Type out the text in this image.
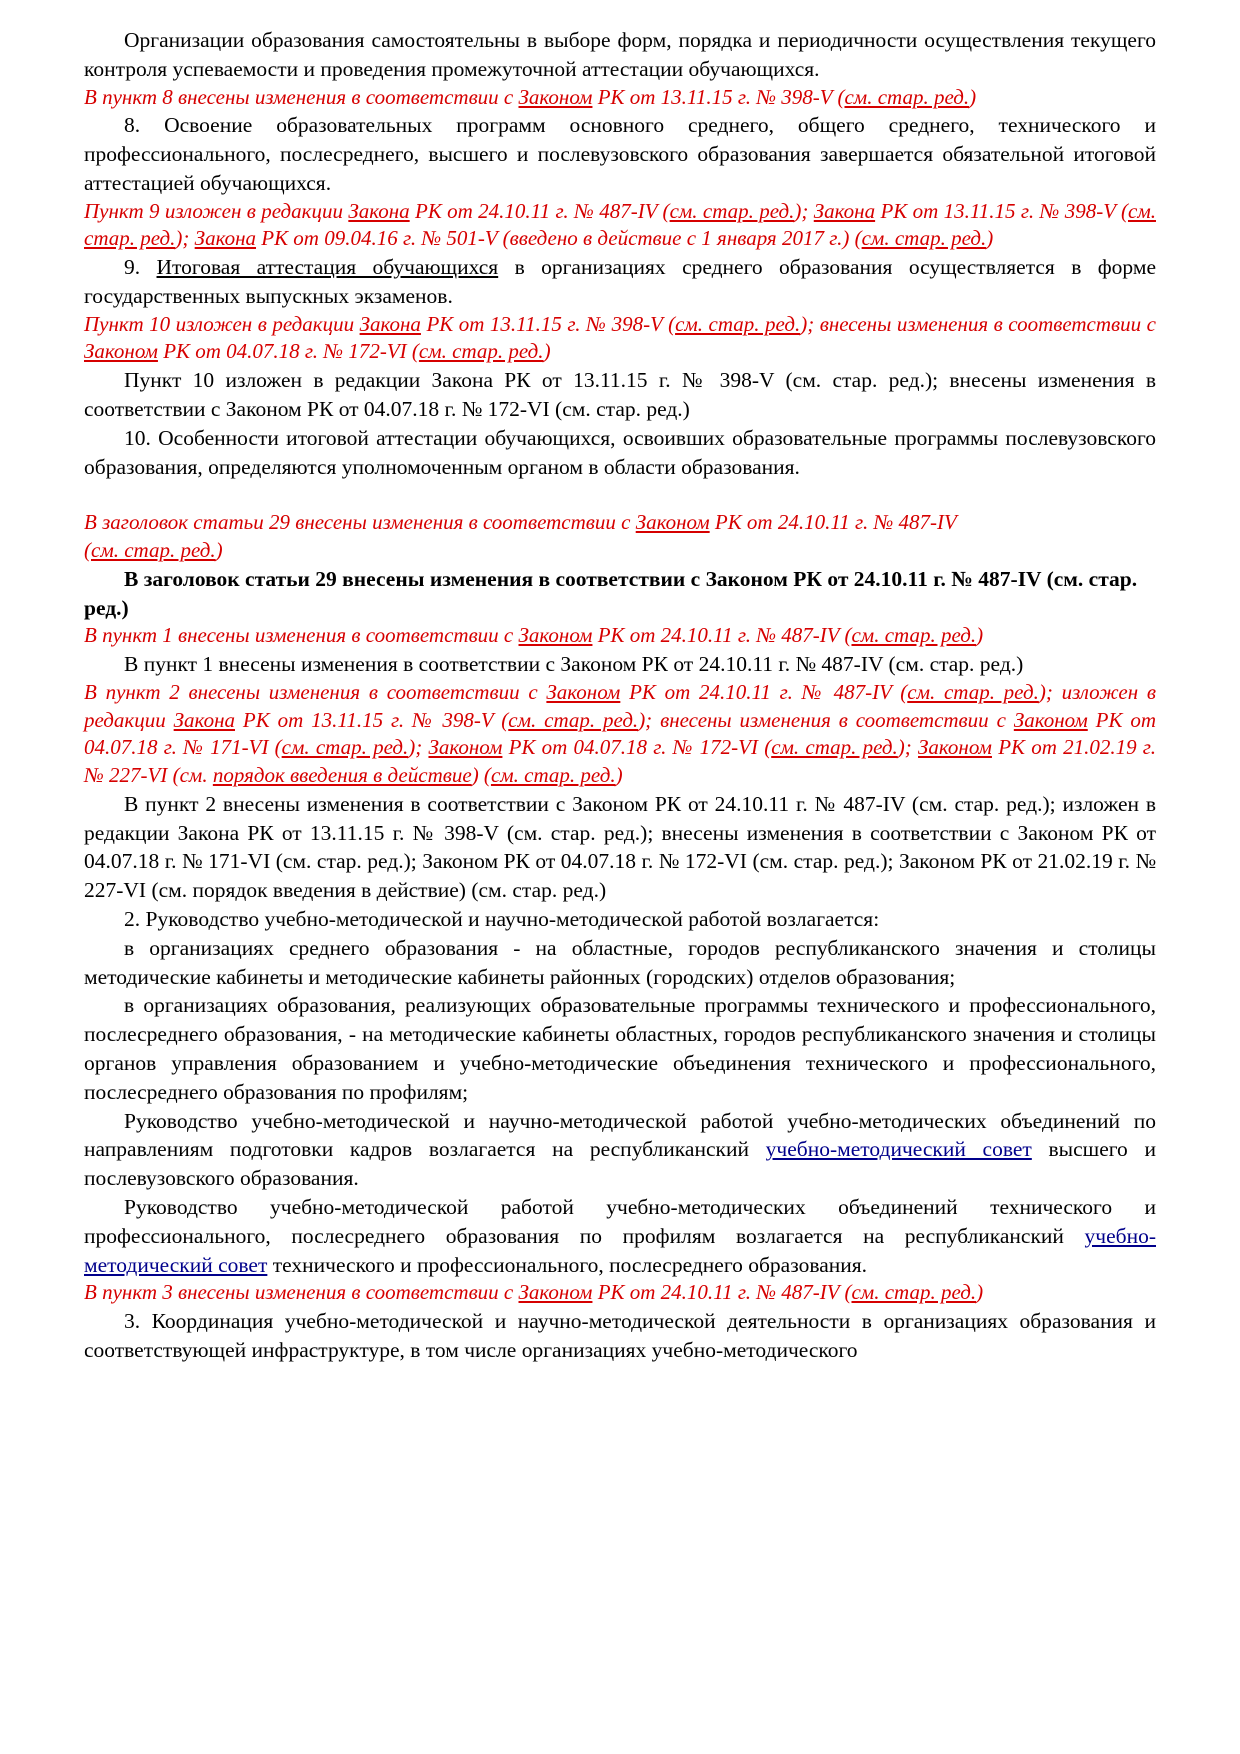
Организации образования самостоятельны в выборе форм, порядка и периодичности осуществления текущего контроля успеваемости и проведения промежуточной аттестации обучающихся.

В пункт 8 внесены изменения в соответствии с Законом РК от 13.11.15 г. № 398-V (см. стар. ред.)

8. Освоение образовательных программ основного среднего, общего среднего, технического и профессионального, послесреднего, высшего и послевузовского образования завершается обязательной итоговой аттестацией обучающихся.

Пункт 9 изложен в редакции Закона РК от 24.10.11 г. № 487-IV (см. стар. ред.); Закона РК от 13.11.15 г. № 398-V (см. стар. ред.); Закона РК от 09.04.16 г. № 501-V (введено в действие с 1 января 2017 г.) (см. стар. ред.)

9. Итоговая аттестация обучающихся в организациях среднего образования осуществляется в форме государственных выпускных экзаменов.

Пункт 10 изложен в редакции Закона РК от 13.11.15 г. № 398-V (см. стар. ред.); внесены изменения в соответствии с Законом РК от 04.07.18 г. № 172-VI (см. стар. ред.)

Пункт 10 изложен в редакции Закона РК от 13.11.15 г. № 398-V (см. стар. ред.); внесены изменения в соответствии с Законом РК от 04.07.18 г. № 172-VI (см. стар. ред.)

10. Особенности итоговой аттестации обучающихся, освоивших образовательные программы послевузовского образования, определяются уполномоченным органом в области образования.

В заголовок статьи 29 внесены изменения в соответствии с Законом РК от 24.10.11 г. № 487-IV
(см. стар. ред.)

В заголовок статьи 29 внесены изменения в соответствии с Законом РК от 24.10.11 г. № 487-IV (см. стар. ред.)

В пункт 1 внесены изменения в соответствии с Законом РК от 24.10.11 г. № 487-IV (см. стар. ред.)

В пункт 1 внесены изменения в соответствии с Законом РК от 24.10.11 г. № 487-IV (см. стар. ред.)

В пункт 2 внесены изменения в соответствии с Законом РК от 24.10.11 г. № 487-IV (см. стар. ред.); изложен в редакции Закона РК от 13.11.15 г. № 398-V (см. стар. ред.); внесены изменения в соответствии с Законом РК от 04.07.18 г. № 171-VI (см. стар. ред.); Законом РК от 04.07.18 г. № 172-VI (см. стар. ред.); Законом РК от 21.02.19 г. № 227-VI (см. порядок введения в действие) (см. стар. ред.)

В пункт 2 внесены изменения в соответствии с Законом РК от 24.10.11 г. № 487-IV (см. стар. ред.); изложен в редакции Закона РК от 13.11.15 г. № 398-V (см. стар. ред.); внесены изменения в соответствии с Законом РК от 04.07.18 г. № 171-VI (см. стар. ред.); Законом РК от 04.07.18 г. № 172-VI (см. стар. ред.); Законом РК от 21.02.19 г. № 227-VI (см. порядок введения в действие) (см. стар. ред.)

2. Руководство учебно-методической и научно-методической работой возлагается:

в организациях среднего образования - на областные, городов республиканского значения и столицы методические кабинеты и методические кабинеты районных (городских) отделов образования;

в организациях образования, реализующих образовательные программы технического и профессионального, послесреднего образования, - на методические кабинеты областных, городов республиканского значения и столицы органов управления образованием и учебно-методические объединения технического и профессионального, послесреднего образования по профилям;

Руководство учебно-методической и научно-методической работой учебно-методических объединений по направлениям подготовки кадров возлагается на республиканский учебно-методический совет высшего и послевузовского образования.

Руководство учебно-методической работой учебно-методических объединений технического и профессионального, послесреднего образования по профилям возлагается на республиканский учебно-методический совет технического и профессионального, послесреднего образования.

В пункт 3 внесены изменения в соответствии с Законом РК от 24.10.11 г. № 487-IV (см. стар. ред.)

3. Координация учебно-методической и научно-методической деятельности в организациях образования и соответствующей инфраструктуре, в том числе организациях учебно-методического
